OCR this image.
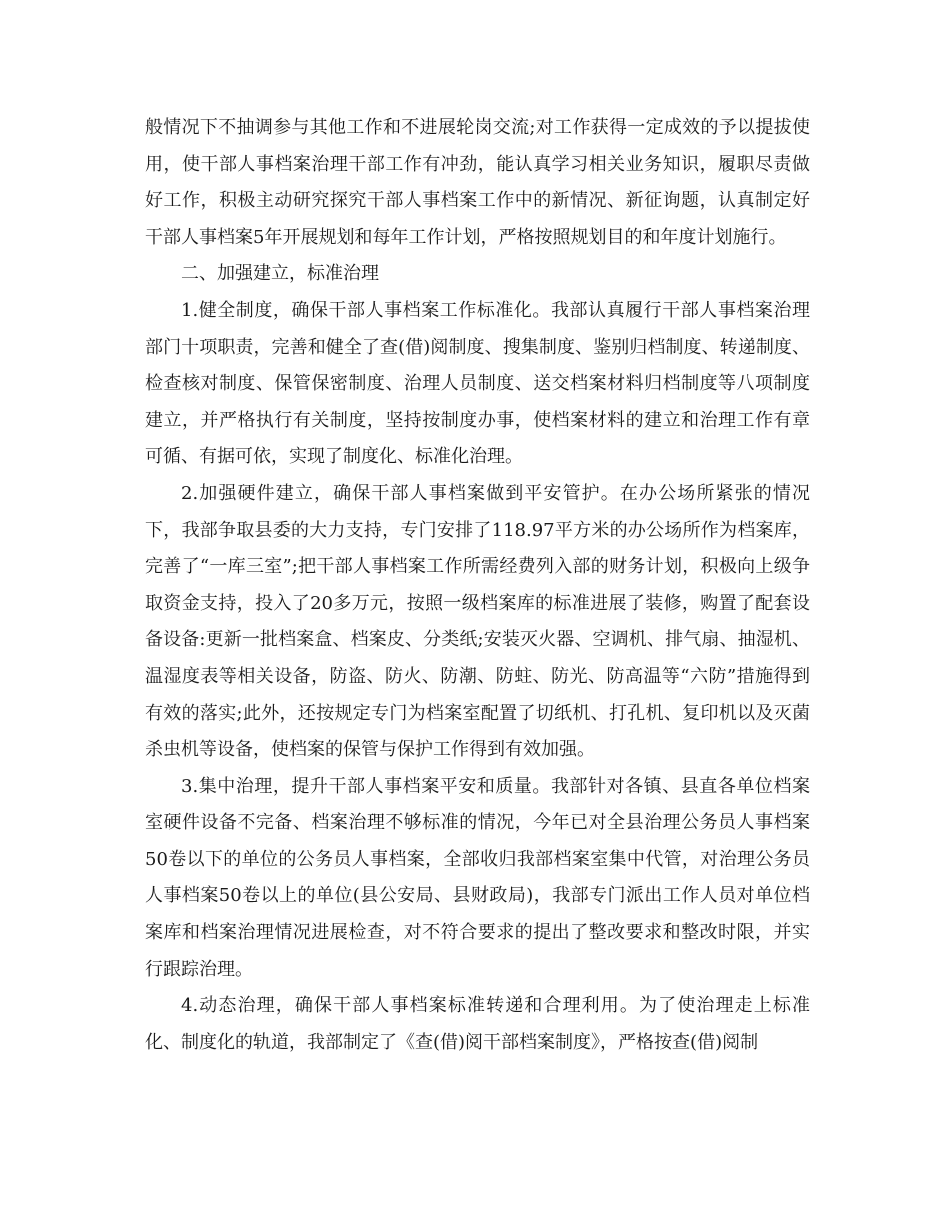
般情况下不抽调参与其他工作和不进展轮岗交流;对工作获得一定成效的予以提拔使用，使干部人事档案治理干部工作有冲劲，能认真学习相关业务知识，履职尽责做好工作，积极主动研究探究干部人事档案工作中的新情况、新征询题，认真制定好干部人事档案5年开展规划和每年工作计划，严格按照规划目的和年度计划施行。

二、加强建立，标准治理

1.健全制度，确保干部人事档案工作标准化。我部认真履行干部人事档案治理部门十项职责，完善和健全了查(借)阅制度、搜集制度、鉴别归档制度、转递制度、检查核对制度、保管保密制度、治理人员制度、送交档案材料归档制度等八项制度建立，并严格执行有关制度，坚持按制度办事，使档案材料的建立和治理工作有章可循、有据可依，实现了制度化、标准化治理。

2.加强硬件建立，确保干部人事档案做到平安管护。在办公场所紧张的情况下，我部争取县委的大力支持，专门安排了118.97平方米的办公场所作为档案库，完善了“一库三室”;把干部人事档案工作所需经费列入部的财务计划，积极向上级争取资金支持，投入了20多万元，按照一级档案库的标准进展了装修，购置了配套设备设备:更新一批档案盒、档案皮、分类纸;安装灭火器、空调机、排气扇、抽湿机、温湿度表等相关设备，防盗、防火、防潮、防蛀、防光、防高温等“六防”措施得到有效的落实;此外，还按规定专门为档案室配置了切纸机、打孔机、复印机以及灭菌杀虫机等设备，使档案的保管与保护工作得到有效加强。

3.集中治理，提升干部人事档案平安和质量。我部针对各镇、县直各单位档案室硬件设备不完备、档案治理不够标准的情况，今年已对全县治理公务员人事档案50卷以下的单位的公务员人事档案，全部收归我部档案室集中代管，对治理公务员人事档案50卷以上的单位(县公安局、县财政局)，我部专门派出工作人员对单位档案库和档案治理情况进展检查，对不符合要求的提出了整改要求和整改时限，并实行跟踪治理。

4.动态治理，确保干部人事档案标准转递和合理利用。为了使治理走上标准化、制度化的轨道，我部制定了《查(借)阅干部档案制度》，严格按查(借)阅制
